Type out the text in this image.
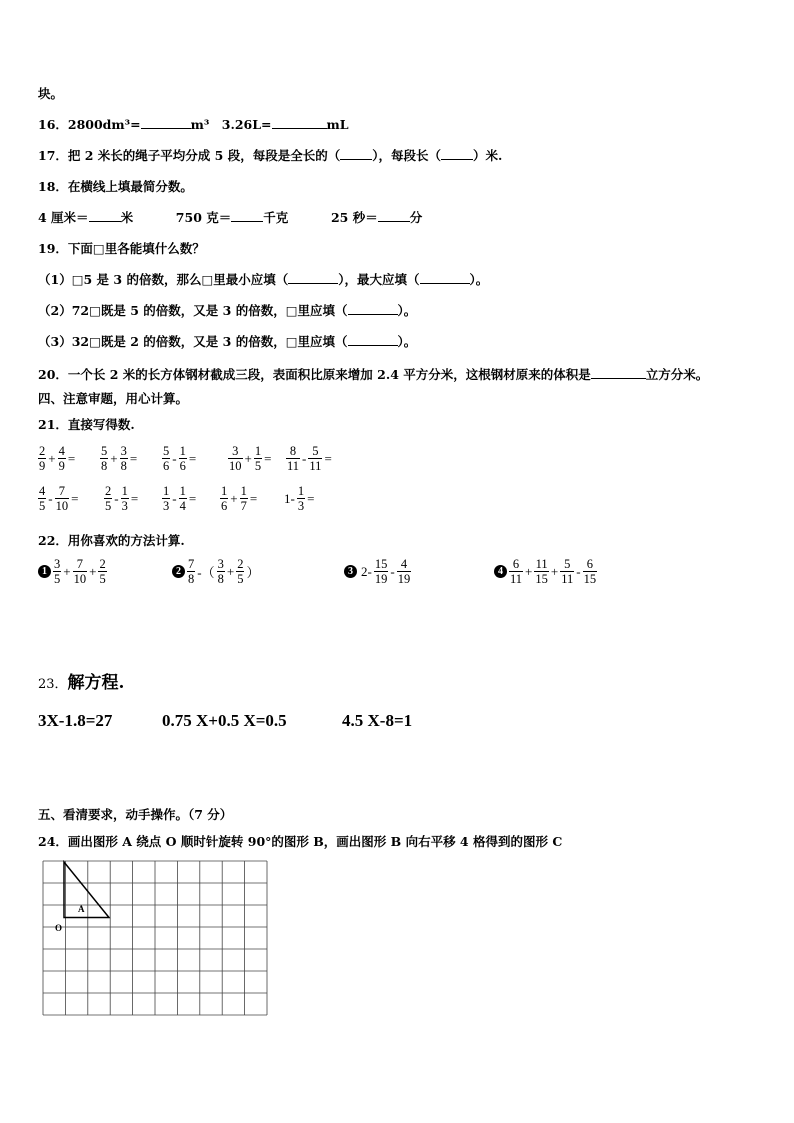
块。
16．2800dm³=	m³　3.26L=	mL
17．把 2 米长的绳子平均分成 5 段，每段是全长的（	），每段长（	）米.
18．在横线上填最简分数。
4 厘米＝	米	750 克＝	千克	25 秒＝	分
19．下面□里各能填什么数？
（1）□5 是 3 的倍数，那么□里最小应填（	），最大应填（	）。
（2）72□既是 5 的倍数，又是 3 的倍数，□里应填（	）。
（3）32□既是 2 的倍数，又是 3 的倍数，□里应填（	）。
20．一个长 2 米的长方体钢材截成三段，表面积比原来增加 2.4 平方分米，这根钢材原来的体积是	立方分米。
四、注意审题，用心计算。
21．直接写得数.
$\frac{2}{9} + \frac{4}{9} = \frac{5}{8} + \frac{3}{8} = \frac{5}{6} - \frac{1}{6}$ =	$\frac{3}{10} + \frac{1}{5} = \frac{8}{11} - \frac{5}{11}$ =
$\frac{4}{5} - \frac{7}{10} = \frac{2}{5} - \frac{1}{3} = \frac{1}{3} - \frac{1}{4} = \frac{1}{6} + \frac{1}{7} = 1- \frac{1}{3}$ =
22．用你喜欢的方法计算.
$1 \frac{3}{5} + \frac{7}{10} + \frac{2}{5}$	$2 \frac{7}{8}$ -（ $\frac{3}{8} + \frac{2}{5}$ ）	3 $2- \frac{15}{19} - \frac{4}{19}$	$4 \frac{6}{11} + \frac{11}{15} + \frac{5}{11} - \frac{6}{15}$
23．解方程.
3X-1.8=27	0.75 X+0.5 X=0.5	4.5 X-8=1
五、看清要求，动手操作。（7 分）
24．画出图形 A 绕点 O 顺时针旋转 90°的图形 B，画出图形 B 向右平移 4 格得到的图形 C
A
O
